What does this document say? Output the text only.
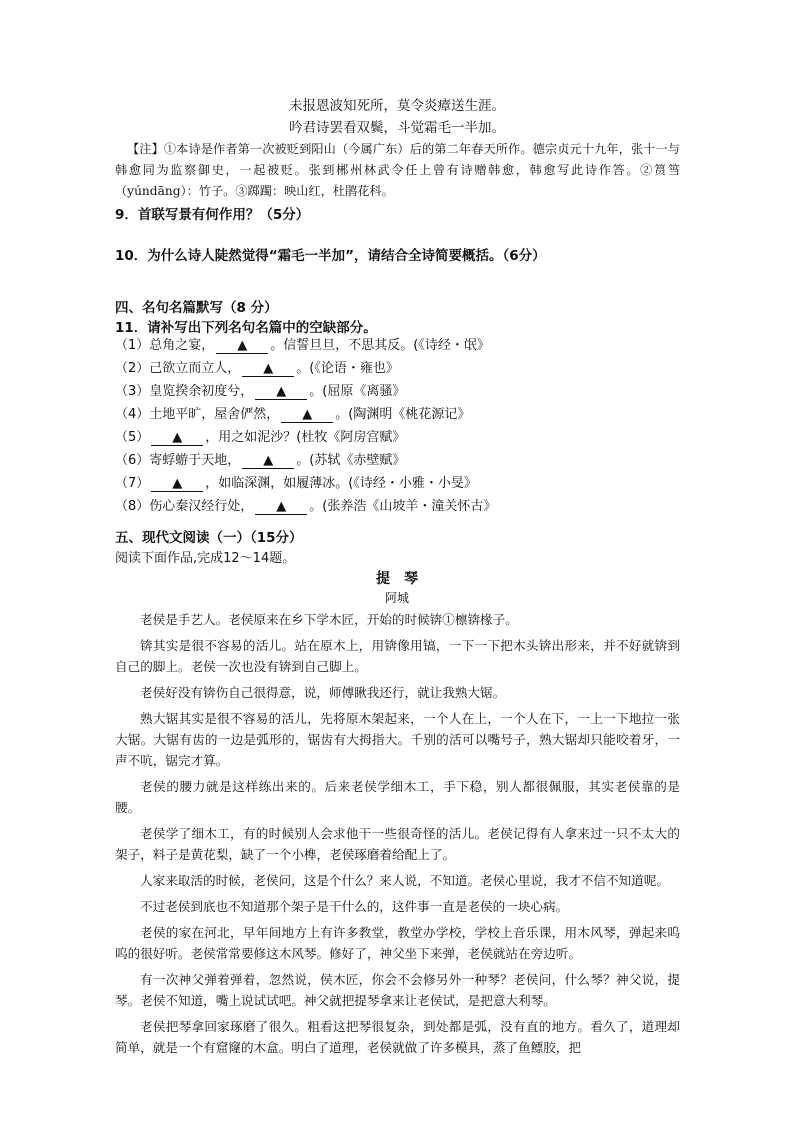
未报恩波知死所，莫令炎瘴送生涯。
吟君诗罢看双鬓，斗觉霜毛一半加。
【注】①本诗是作者第一次被贬到阳山（今属广东）后的第二年春天所作。德宗贞元十九年，张十一与韩愈同为监察御史，一起被贬。张到郴州林武令任上曾有诗赠韩愈，韩愈写此诗作答。②筼筜（yúndāng）：竹子。③踯躅：映山红，杜鹃花科。
9．首联写景有何作用？（5分）
10．为什么诗人陡然觉得“霜毛一半加”，请结合全诗简要概括。（6分）
四、名句名篇默写（8 分）
11．请补写出下列名句名篇中的空缺部分。
（1）总角之宴， ▲ 。信誓旦旦，不思其反。(《诗经・氓》
（2）己欲立而立人， ▲ 。(《论语・雍也》
（3）皇览揆余初度兮， ▲ 。(屈原《离骚》
（4）土地平旷，屋舍俨然， ▲ 。(陶渊明《桃花源记》
（5） ▲ ，用之如泥沙？(杜牧《阿房宫赋》
（6）寄蜉蝣于天地， ▲ 。(苏轼《赤壁赋》
（7） ▲ ，如临深渊，如履薄冰。(《诗经・小雅・小旻》
（8）伤心秦汉经行处， ▲ 。(张养浩《山坡羊・潼关怀古》
五、现代文阅读（一）（15分）
阅读下面作品,完成12～14题。
提　琴
阿城

老侯是手艺人。老侯原来在乡下学木匠，开始的时候锛①檩锛椽子。

锛其实是很不容易的活儿。站在原木上，用锛像用镐，一下一下把木头锛出形来，并不好就锛到自己的脚上。老侯一次也没有锛到自己脚上。

老侯好没有锛伤自己很得意，说，师傅瞅我还行，就让我熟大锯。

熟大锯其实是很不容易的活儿，先将原木架起来，一个人在上，一个人在下，一上一下地拉一张大锯。大锯有齿的一边是弧形的，锯齿有大拇指大。千别的活可以嘴号子，熟大锯却只能咬着牙，一声不吭，锯完才算。

老侯的腰力就是这样练出来的。后来老侯学细木工，手下稳，别人都很佩服，其实老侯靠的是腰。

老侯学了细木工，有的时候别人会求他干一些很奇怪的活儿。老侯记得有人拿来过一只不太大的架子，料子是黄花梨，缺了一个小榫，老侯琢磨着给配上了。

人家来取活的时候，老侯问，这是个什么？来人说，不知道。老侯心里说，我才不信不知道呢。

不过老侯到底也不知道那个架子是干什么的，这件事一直是老侯的一块心病。

老侯的家在河北，早年间地方上有许多教堂，教堂办学校，学校上音乐课，用木风琴，弹起来呜呜的很好听。老侯常常要修这木风琴。修好了，神父坐下来弹，老侯就站在旁边听。

有一次神父弹着弹着，忽然说，侯木匠，你会不会修另外一种琴？老侯问，什么琴？神父说，提琴。老侯不知道，嘴上说试试吧。神父就把提琴拿来让老侯试，是把意大利琴。

老侯把琴拿回家琢磨了很久。粗看这把琴很复杂，到处都是弧，没有直的地方。看久了，道理却简单，就是一个有窟窿的木盒。明白了道理，老侯就做了许多模具，蒸了鱼鳔胶，把
